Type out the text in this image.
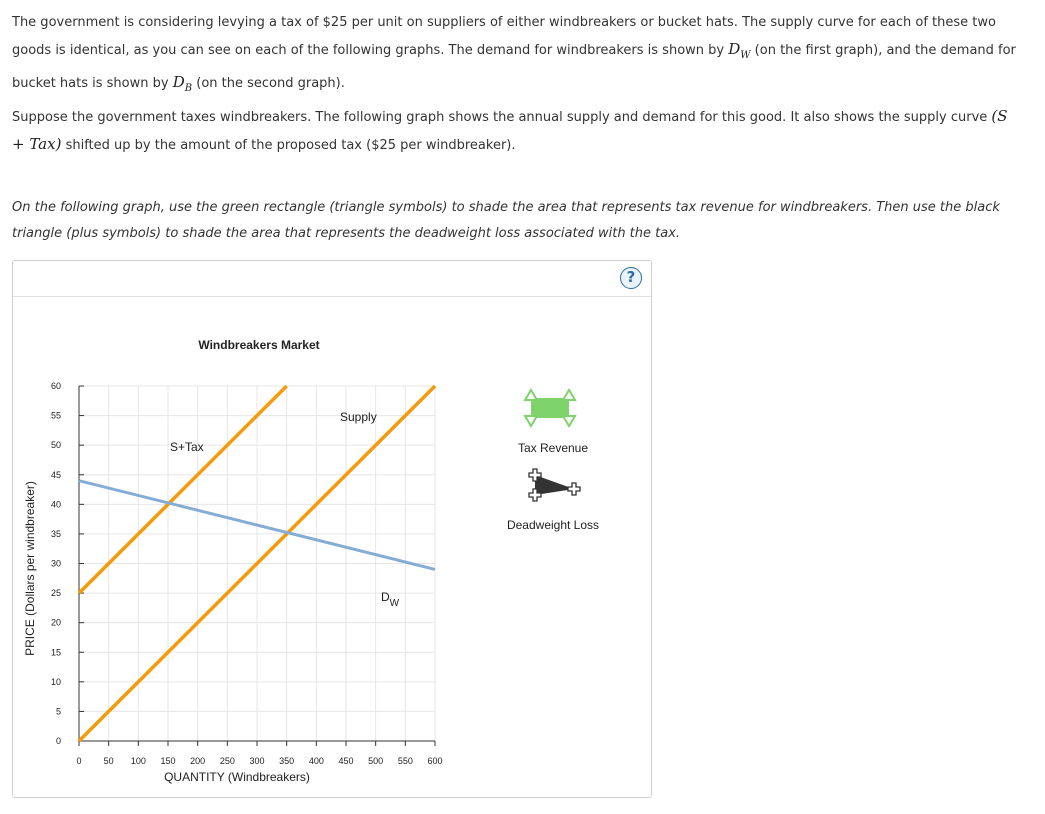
The government is considering levying a tax of $25 per unit on suppliers of either windbreakers or bucket hats. The supply curve for each of these two goods is identical, as you can see on each of the following graphs. The demand for windbreakers is shown by $D_W$ (on the first graph), and the demand for bucket hats is shown by $D_B$ (on the second graph).

Suppose the government taxes windbreakers. The following graph shows the annual supply and demand for this good. It also shows the supply curve (S + Tax) shifted up by the amount of the proposed tax ($25 per windbreaker).

On the following graph, use the green rectangle (triangle symbols) to shade the area that represents tax revenue for windbreakers. Then use the black triangle (plus symbols) to shade the area that represents the deadweight loss associated with the tax.

?
Windbreakers Market
Supply
S+Tax
$D_W$
0 50 100 150 200 250 300 350 400 450 500 550 600
0
5
10
15
20
25
30
35
40
45
50
55
60
QUANTITY (Windbreakers)
PRICE (Dollars per windbreaker)
Tax Revenue
Deadweight Loss
